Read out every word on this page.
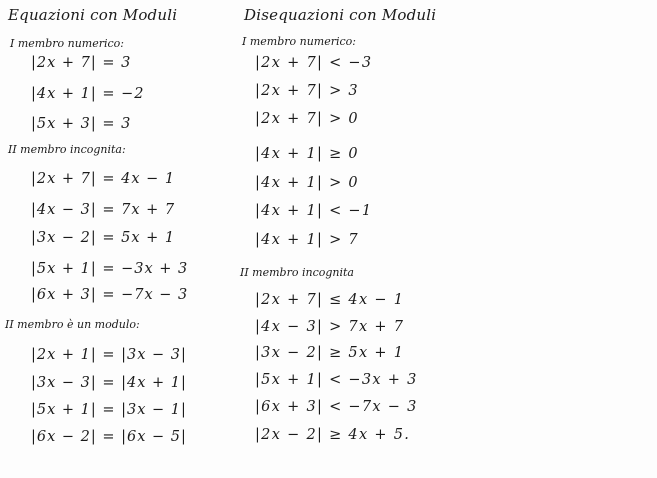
Equazioni con Moduli
I membro numerico:
|2x + 7| = 3
|4x + 1| = −2
|5x + 3| = 3
II membro incognita:
|2x + 7| = 4x − 1
|4x − 3| = 7x + 7
|3x − 2| = 5x + 1
|5x + 1| = −3x + 3
|6x + 3| = −7x − 3
II membro è un modulo:
|2x + 1| = |3x − 3|
|3x − 3| = |4x + 1|
|5x + 1| = |3x − 1|
|6x − 2| = |6x − 5|
Disequazioni con Moduli
I membro numerico:
|2x + 7| < −3
|2x + 7| > 3
|2x + 7| > 0
|4x + 1| ≥ 0
|4x + 1| > 0
|4x + 1| < −1
|4x + 1| > 7
II membro incognita
|2x + 7| ≤ 4x − 1
|4x − 3| > 7x + 7
|3x − 2| ≥ 5x + 1
|5x + 1| < −3x + 3
|6x + 3| < −7x − 3
|2x − 2| ≥ 4x + 5.
